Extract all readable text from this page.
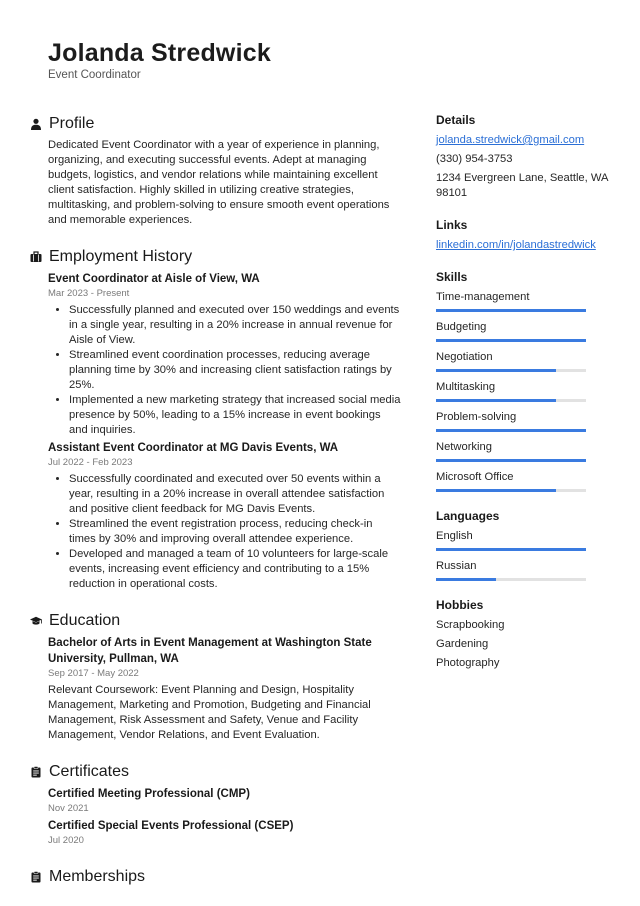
Jolanda Stredwick
Event Coordinator
Profile
Dedicated Event Coordinator with a year of experience in planning, organizing, and executing successful events. Adept at managing budgets, logistics, and vendor relations while maintaining excellent client satisfaction. Highly skilled in utilizing creative strategies, multitasking, and problem-solving to ensure smooth event operations and memorable experiences.
Employment History
Event Coordinator at Aisle of View, WA
Mar 2023 - Present
• Successfully planned and executed over 150 weddings and events in a single year, resulting in a 20% increase in annual revenue for Aisle of View.
• Streamlined event coordination processes, reducing average planning time by 30% and increasing client satisfaction ratings by 25%.
• Implemented a new marketing strategy that increased social media presence by 50%, leading to a 15% increase in event bookings and inquiries.
Assistant Event Coordinator at MG Davis Events, WA
Jul 2022 - Feb 2023
• Successfully coordinated and executed over 50 events within a year, resulting in a 20% increase in overall attendee satisfaction and positive client feedback for MG Davis Events.
• Streamlined the event registration process, reducing check-in times by 30% and improving overall attendee experience.
• Developed and managed a team of 10 volunteers for large-scale events, increasing event efficiency and contributing to a 15% reduction in operational costs.
Education
Bachelor of Arts in Event Management at Washington State University, Pullman, WA
Sep 2017 - May 2022
Relevant Coursework: Event Planning and Design, Hospitality Management, Marketing and Promotion, Budgeting and Financial Management, Risk Assessment and Safety, Venue and Facility Management, Vendor Relations, and Event Evaluation.
Certificates
Certified Meeting Professional (CMP)
Nov 2021
Certified Special Events Professional (CSEP)
Jul 2020
Memberships
Details
jolanda.stredwick@gmail.com
(330) 954-3753
1234 Evergreen Lane, Seattle, WA 98101
Links
linkedin.com/in/jolandastredwick
Skills
Time-management
Budgeting
Negotiation
Multitasking
Problem-solving
Networking
Microsoft Office
Languages
English
Russian
Hobbies
Scrapbooking
Gardening
Photography
